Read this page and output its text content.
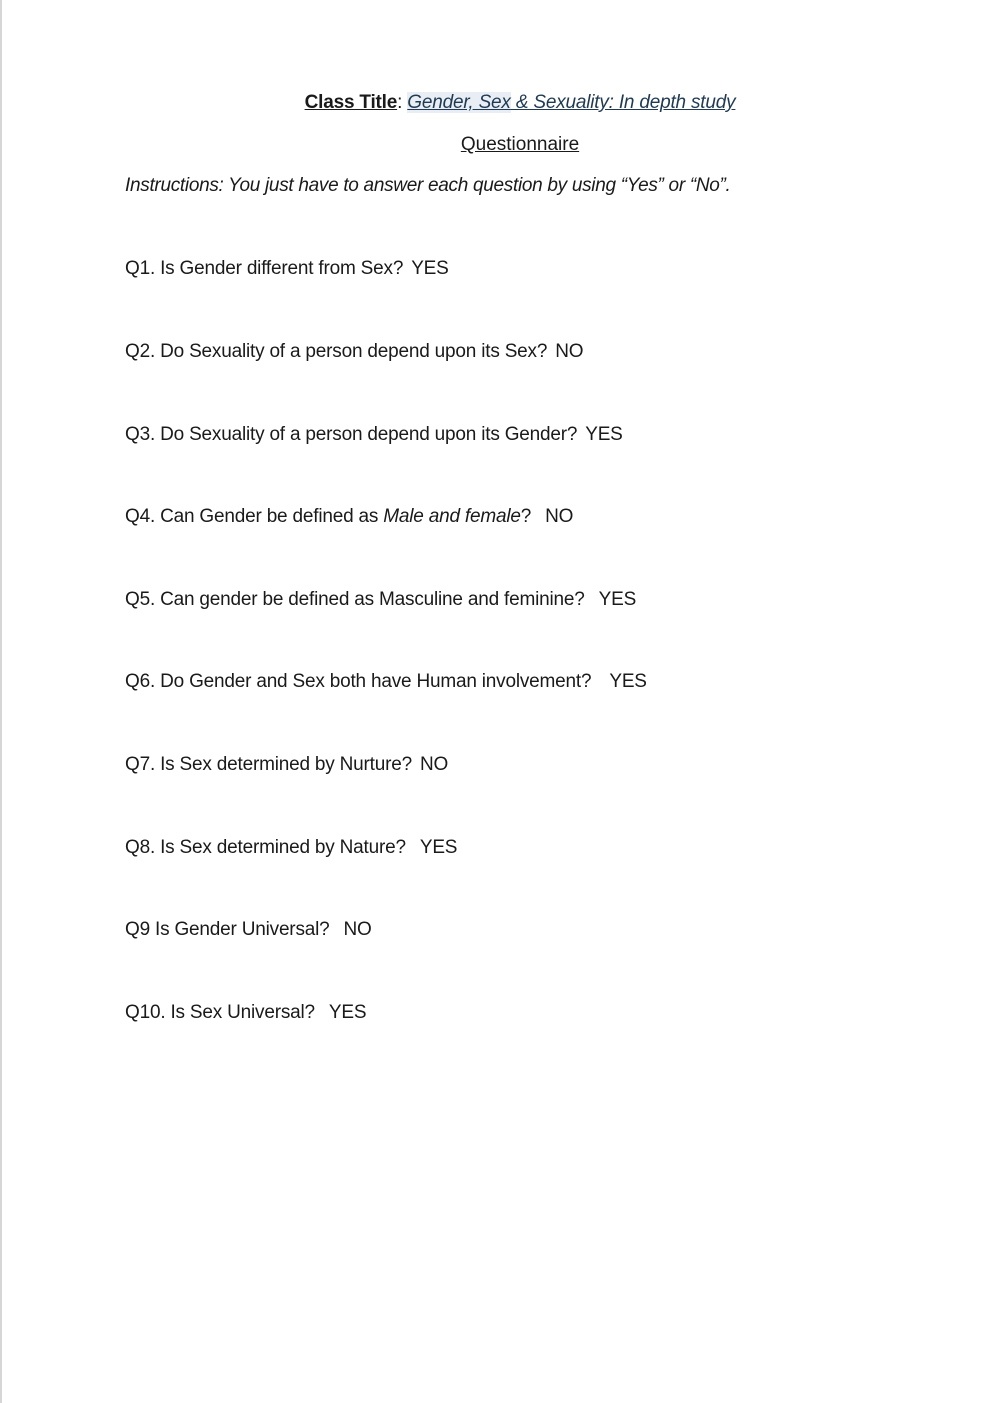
Class Title: Gender, Sex & Sexuality: In depth study
Questionnaire
Instructions: You just have to answer each question by using “Yes” or “No”.
Q1. Is Gender different from Sex? YES
Q2. Do Sexuality of a person depend upon its Sex? NO
Q3. Do Sexuality of a person depend upon its Gender? YES
Q4. Can Gender be defined as Male and female? NO
Q5. Can gender be defined as Masculine and feminine? YES
Q6. Do Gender and Sex both have Human involvement? YES
Q7. Is Sex determined by Nurture? NO
Q8. Is Sex determined by Nature? YES
Q9 Is Gender Universal? NO
Q10. Is Sex Universal? YES
